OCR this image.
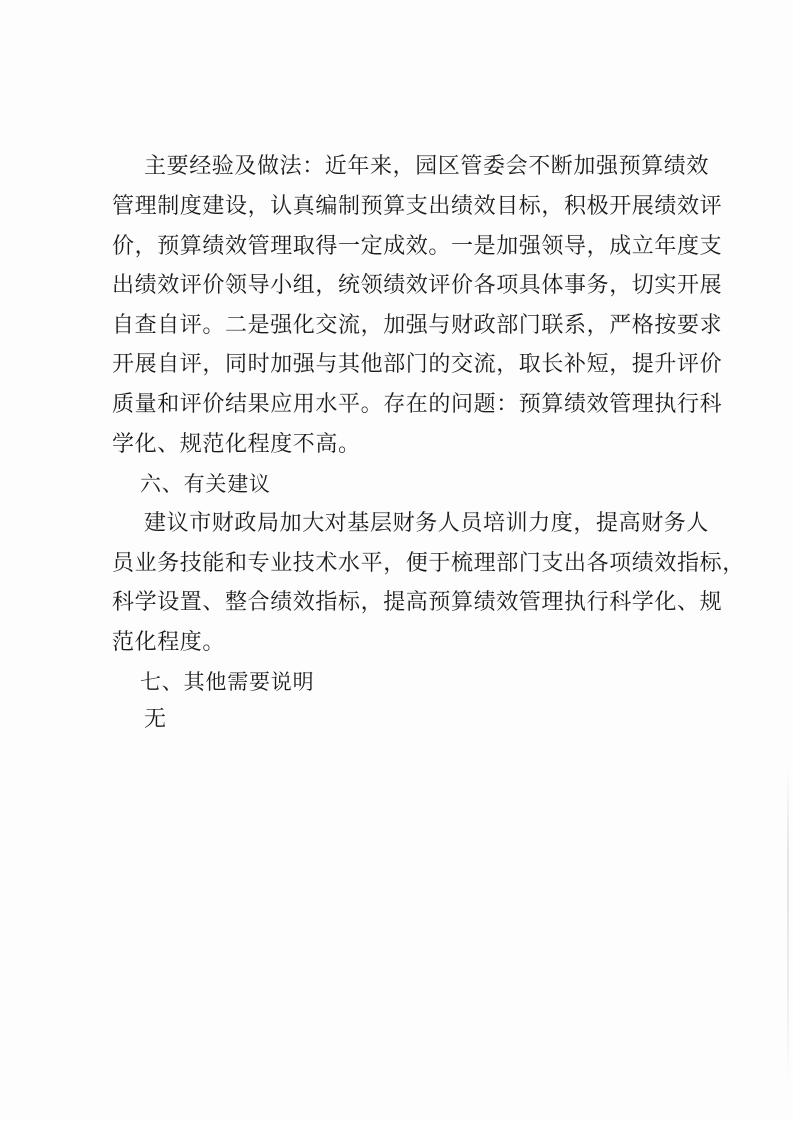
主要经验及做法：近年来，园区管委会不断加强预算绩效

管理制度建设，认真编制预算支出绩效目标，积极开展绩效评

价，预算绩效管理取得一定成效。一是加强领导，成立年度支

出绩效评价领导小组，统领绩效评价各项具体事务，切实开展

自查自评。二是强化交流，加强与财政部门联系，严格按要求

开展自评，同时加强与其他部门的交流，取长补短，提升评价

质量和评价结果应用水平。存在的问题：预算绩效管理执行科

学化、规范化程度不高。

六、有关建议

建议市财政局加大对基层财务人员培训力度，提高财务人

员业务技能和专业技术水平，便于梳理部门支出各项绩效指标，

科学设置、整合绩效指标，提高预算绩效管理执行科学化、规

范化程度。

七、其他需要说明

无
